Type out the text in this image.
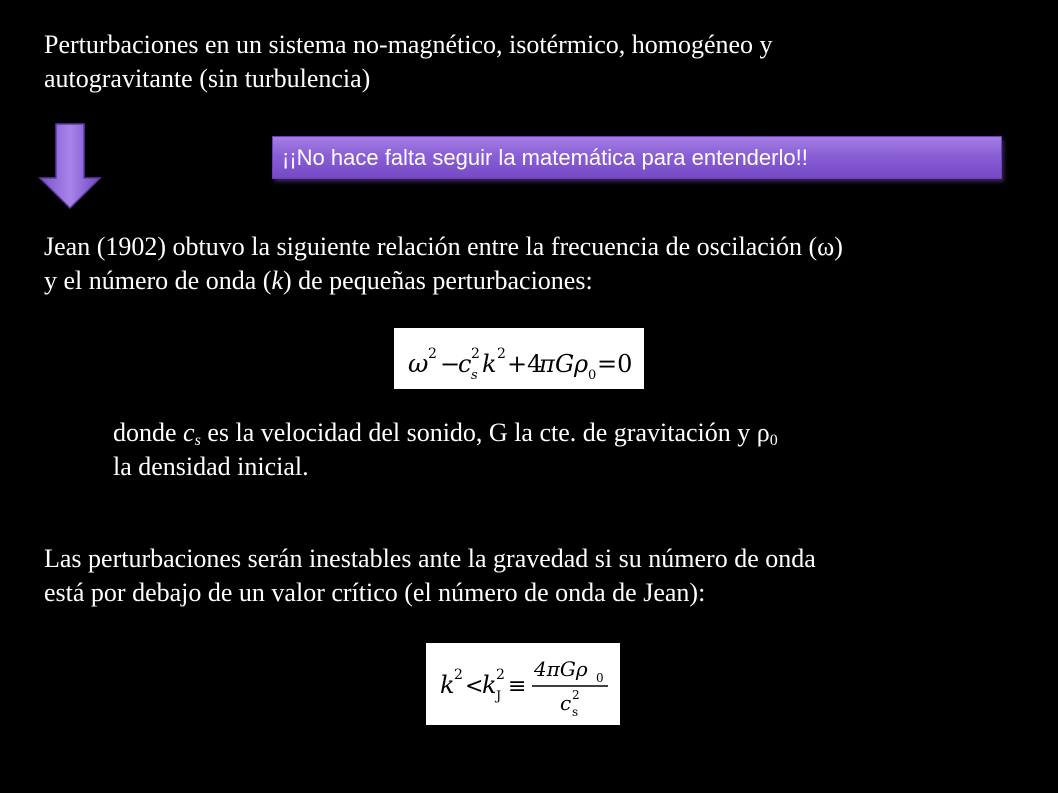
Perturbaciones en un sistema no-magnético, isotérmico, homogéneo y
autogravitante (sin turbulencia)
¡¡No hace falta seguir la matemática para entenderlo!!
Jean (1902) obtuvo la siguiente relación entre la frecuencia de oscilación (ω)
y el número de onda (k) de pequeñas perturbaciones:
ω 2 −
c 2
s k 2 +4
π G ρ 0 =0
donde $c_s$ es la velocidad del sonido, G la cte. de gravitación y $\rho_0$
la densidad inicial.
Las perturbaciones serán inestables ante la gravedad si su número de onda
está por debajo de un valor crítico (el número de onda de Jean):
k 2 <
k 2
J ≡
4πGρ 0
c 2
s
